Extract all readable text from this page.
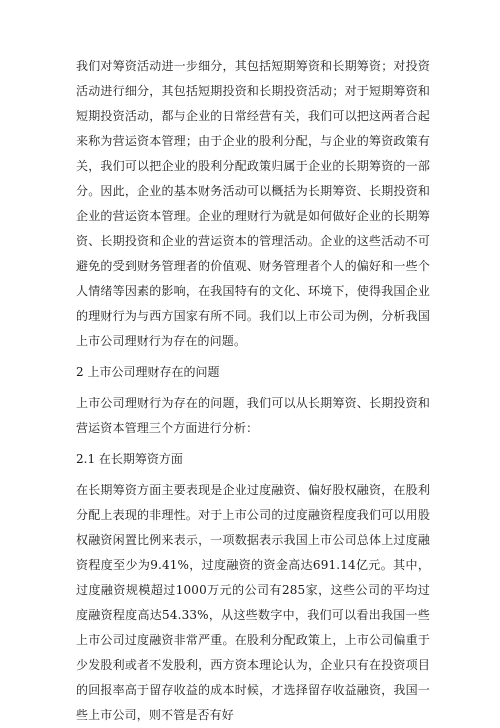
我们对筹资活动进一步细分，其包括短期筹资和长期筹资；对投资活动进行细分，其包括短期投资和长期投资活动；对于短期筹资和短期投资活动，都与企业的日常经营有关，我们可以把这两者合起来称为营运资本管理；由于企业的股利分配，与企业的筹资政策有关，我们可以把企业的股利分配政策归属于企业的长期筹资的一部分。因此，企业的基本财务活动可以概括为长期筹资、长期投资和企业的营运资本管理。企业的理财行为就是如何做好企业的长期筹资、长期投资和企业的营运资本的管理活动。企业的这些活动不可避免的受到财务管理者的价值观、财务管理者个人的偏好和一些个人情绪等因素的影响，在我国特有的文化、环境下，使得我国企业的理财行为与西方国家有所不同。我们以上市公司为例，分析我国上市公司理财行为存在的问题。

2 上市公司理财存在的问题

上市公司理财行为存在的问题，我们可以从长期筹资、长期投资和营运资本管理三个方面进行分析：

2.1 在长期筹资方面

在长期筹资方面主要表现是企业过度融资、偏好股权融资，在股利分配上表现的非理性。对于上市公司的过度融资程度我们可以用股权融资闲置比例来表示，一项数据表示我国上市公司总体上过度融资程度至少为9.41%，过度融资的资金高达691.14亿元。其中，过度融资规模超过1000万元的公司有285家，这些公司的平均过度融资程度高达54.33%，从这些数字中，我们可以看出我国一些上市公司过度融资非常严重。在股利分配政策上，上市公司偏重于少发股利或者不发股利，西方资本理论认为，企业只有在投资项目的回报率高于留存收益的成本时候，才选择留存收益融资，我国一些上市公司，则不管是否有好
